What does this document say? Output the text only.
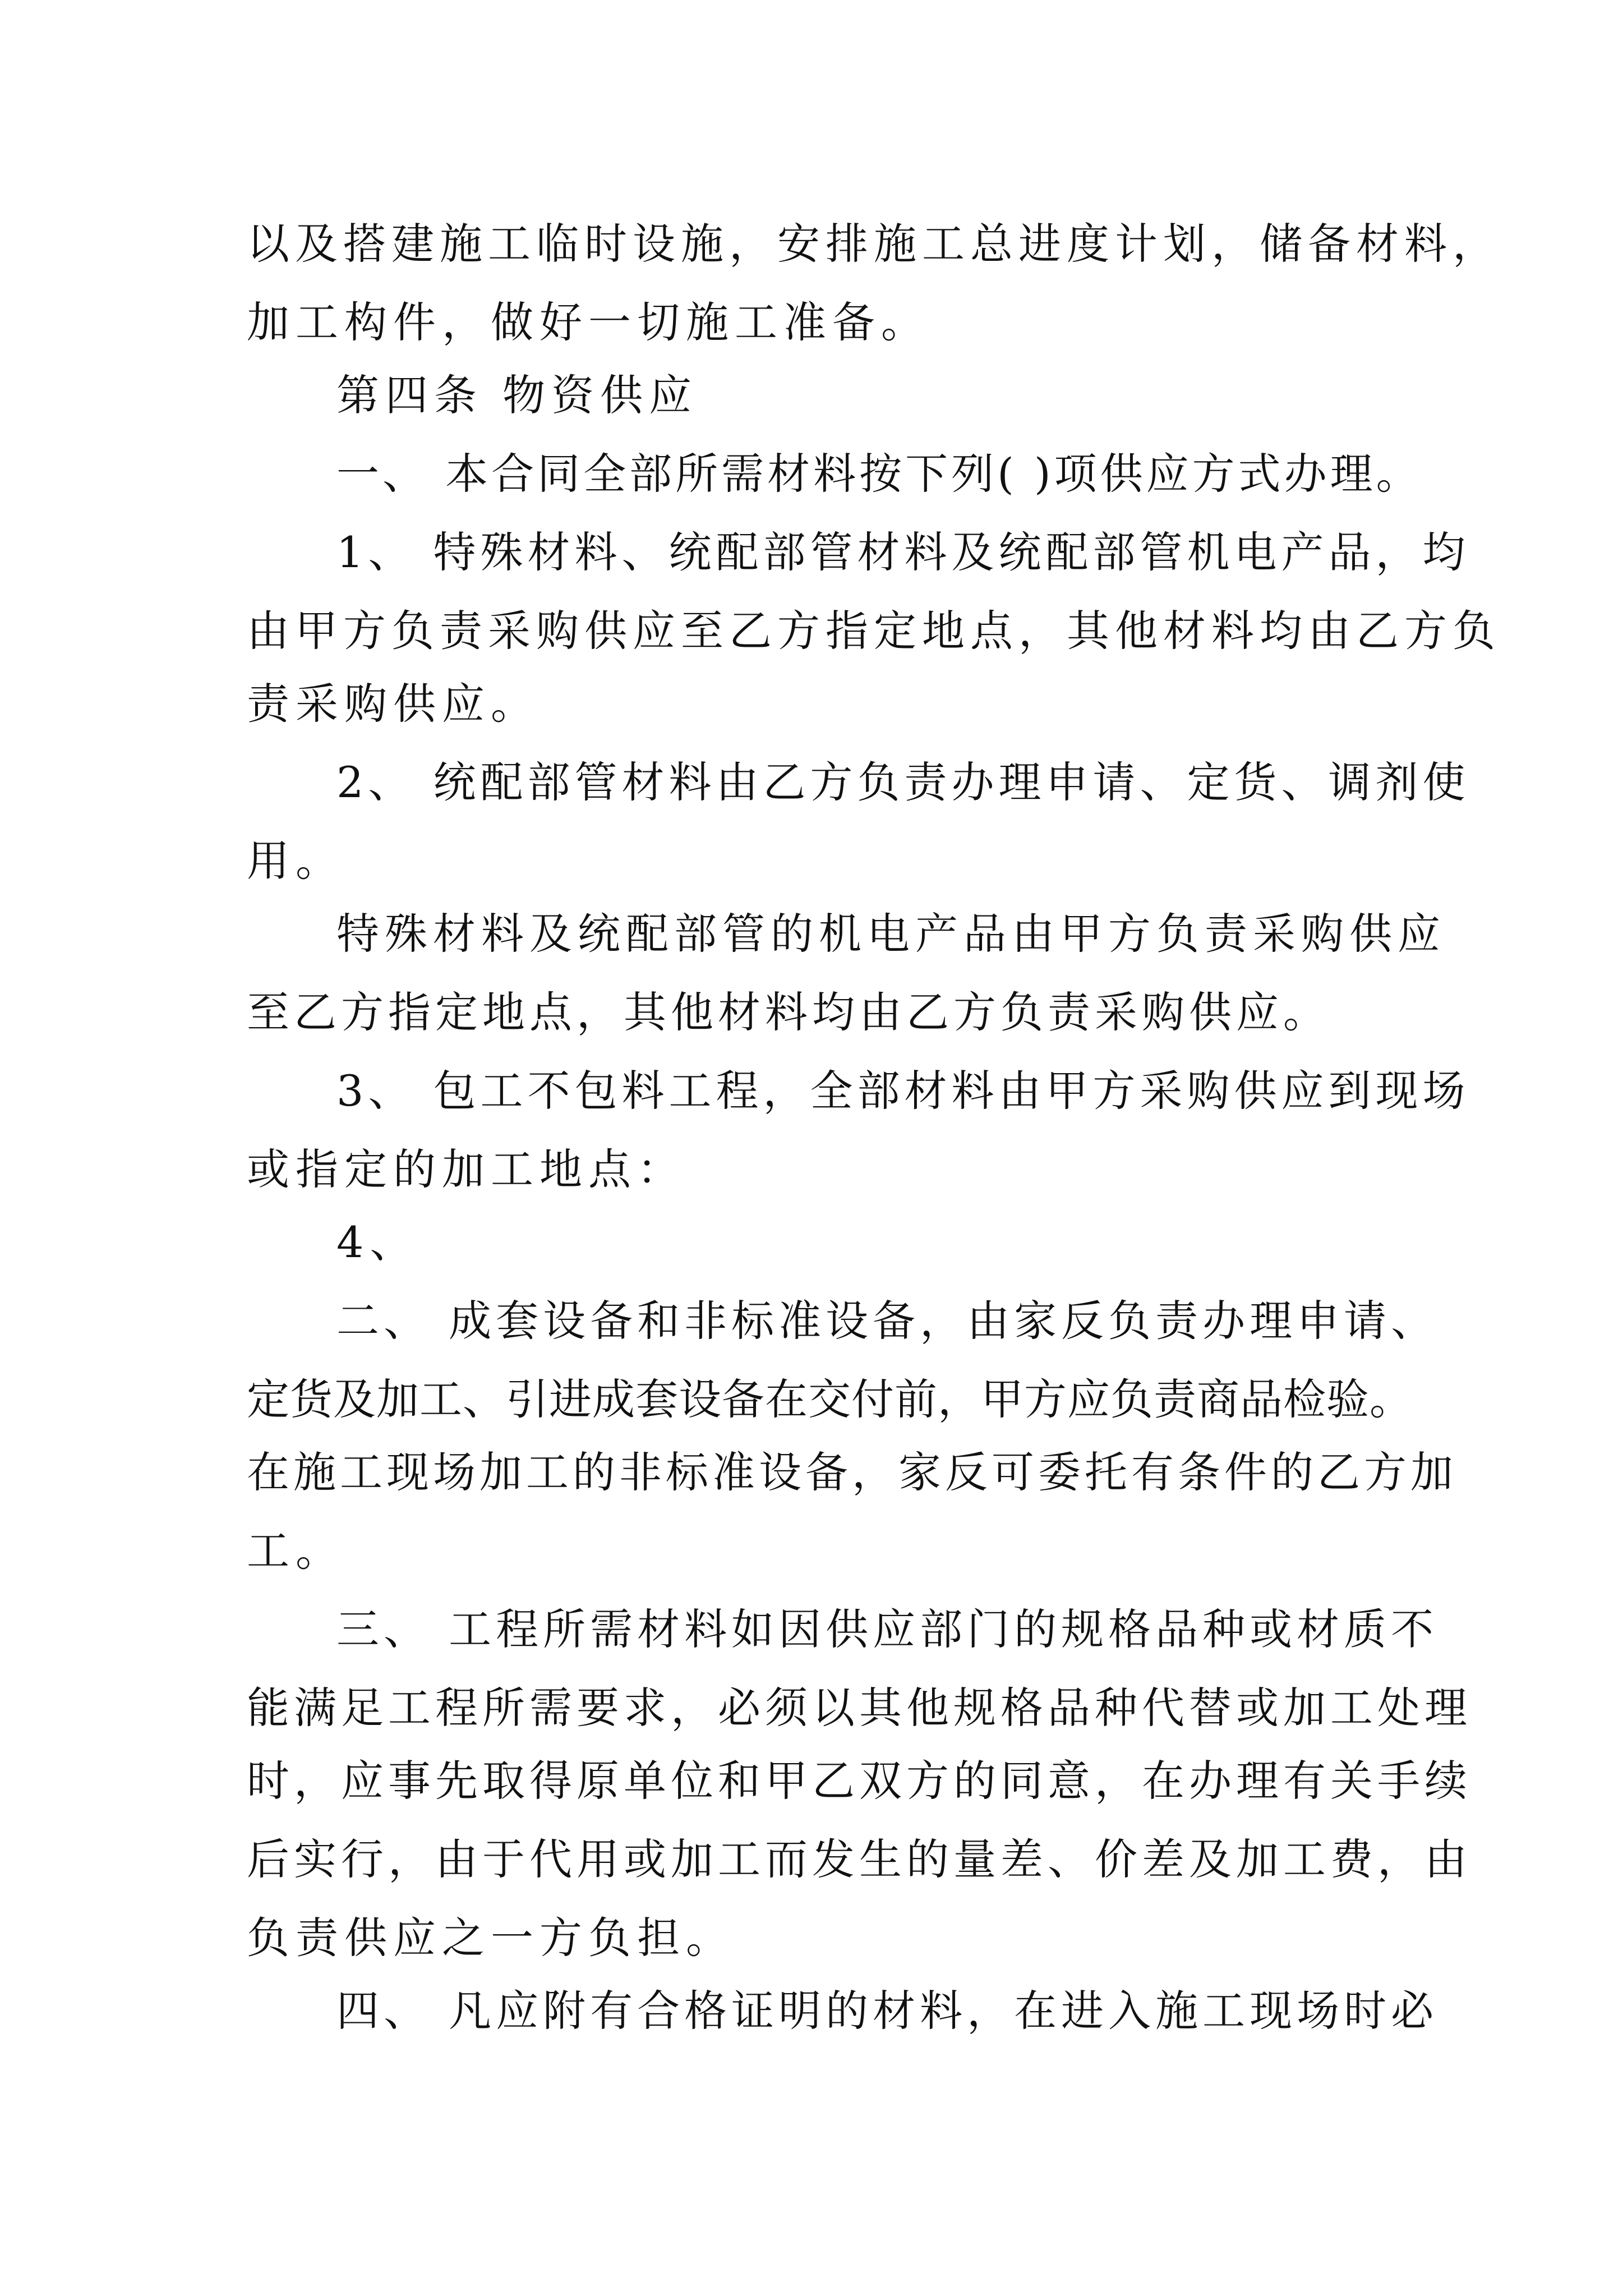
以及搭建施工临时设施，安排施工总进度计划，储备材料，

加工构件，做好一切施工准备。

第四条 物资供应

一、 本合同全部所需材料按下列( )项供应方式办理。

1、 特殊材料、统配部管材料及统配部管机电产品，均

由甲方负责采购供应至乙方指定地点，其他材料均由乙方负

责采购供应。

2、 统配部管材料由乙方负责办理申请、定货、调剂使

用。

特殊材料及统配部管的机电产品由甲方负责采购供应

至乙方指定地点，其他材料均由乙方负责采购供应。

3、 包工不包料工程，全部材料由甲方采购供应到现场

或指定的加工地点：

4、

二、 成套设备和非标准设备，由家反负责办理申请、

定货及加工、引进成套设备在交付前，甲方应负责商品检验。

在施工现场加工的非标准设备，家反可委托有条件的乙方加

工。

三、 工程所需材料如因供应部门的规格品种或材质不

能满足工程所需要求，必须以其他规格品种代替或加工处理

时，应事先取得原单位和甲乙双方的同意，在办理有关手续

后实行，由于代用或加工而发生的量差、价差及加工费，由

负责供应之一方负担。

四、 凡应附有合格证明的材料，在进入施工现场时必
